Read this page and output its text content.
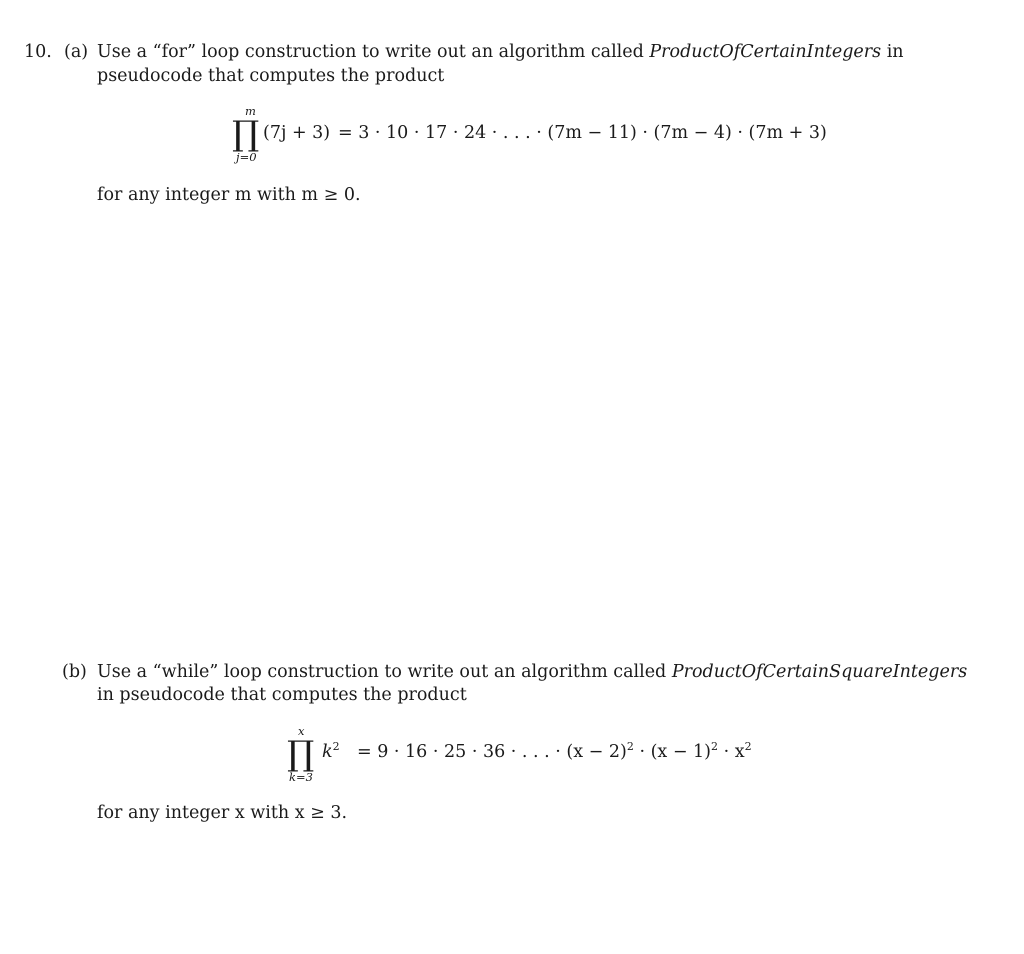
10. (a) Use a “for” loop construction to write out an algorithm called ProductOfCertainIntegers in
pseudocode that computes the product
m
∏
j=0
(7j + 3) = 3 · 10 · 17 · 24 · . . . · (7m − 11) · (7m − 4) · (7m + 3)
for any integer m with m ≥ 0.
(b) Use a “while” loop construction to write out an algorithm called ProductOfCertainSquareIntegers
in pseudocode that computes the product
x
∏
k=3
$k^2 = 9 \cdot 16 \cdot 25 \cdot 36$ · . . . · $(x - 2)^2 \cdot (x - 1)^2 \cdot x^2$
for any integer x with x ≥ 3.
